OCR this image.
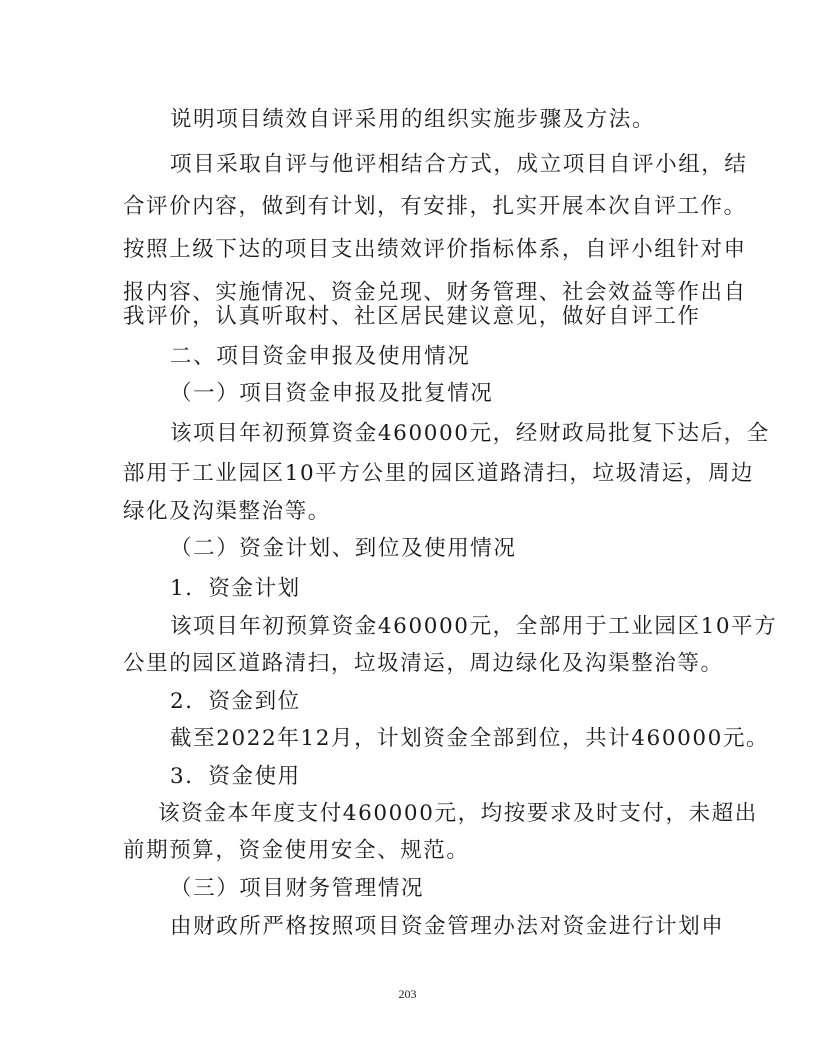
说明项目绩效自评采用的组织实施步骤及方法。
项目采取自评与他评相结合方式，成立项目自评小组，结
合评价内容，做到有计划，有安排，扎实开展本次自评工作。
按照上级下达的项目支出绩效评价指标体系，自评小组针对申
报内容、实施情况、资金兑现、财务管理、社会效益等作出自
我评价，认真听取村、社区居民建议意见，做好自评工作
二、项目资金申报及使用情况
（一）项目资金申报及批复情况
该项目年初预算资金460000元，经财政局批复下达后，全
部用于工业园区10平方公里的园区道路清扫，垃圾清运，周边
绿化及沟渠整治等。
（二）资金计划、到位及使用情况
1．资金计划
该项目年初预算资金460000元，全部用于工业园区10平方
公里的园区道路清扫，垃圾清运，周边绿化及沟渠整治等。
2．资金到位
截至2022年12月，计划资金全部到位，共计460000元。
3．资金使用
该资金本年度支付460000元，均按要求及时支付，未超出
前期预算，资金使用安全、规范。
（三）项目财务管理情况
由财政所严格按照项目资金管理办法对资金进行计划申
203
